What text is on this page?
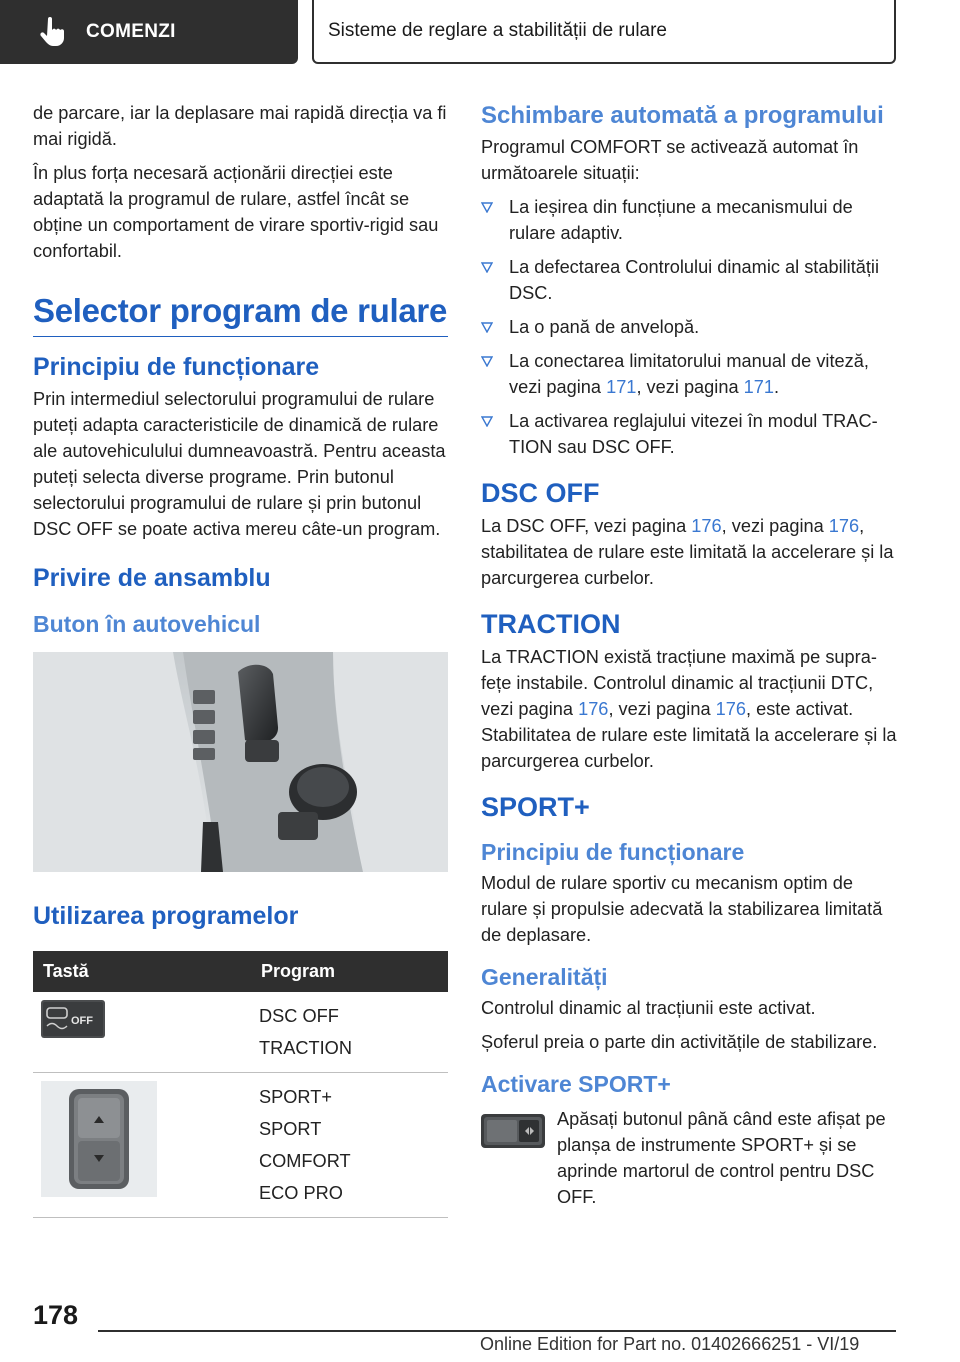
COMENZI	Sisteme de reglare a stabilității de rulare

de parcare, iar la deplasare mai rapidă direcția va fi mai rigidă.

În plus forța necesară acționării direcției este adaptată la programul de rulare, astfel încât se obține un comportament de virare sportiv-rigid sau confortabil.

Selector program de rulare
Principiu de funcționare

Prin intermediul selectorului programului de rulare puteți adapta caracteristicile de dinamică de rulare ale autovehiculului dumneavoastră. Pentru aceasta puteți selecta diverse programe. Prin butonul selectorului programului de rulare și prin butonul DSC OFF se poate activa mereu câte-un program.

Privire de ansamblu
Buton în autovehicul
Utilizarea programelor
Tastă	Program

OFF	DSC OFF
TRACTION

SPORT+
SPORT
COMFORT
ECO PRO
Schimbare automată a programului

Programul COMFORT se activează automat în următoarele situații:

La ieșirea din funcțiune a mecanismului de rulare adaptiv.
La defectarea Controlului dinamic al stabilității DSC.
La o pană de anvelopă.
La conectarea limitatorului manual de viteză, vezi pagina 171, vezi pagina 171.
La activarea reglajului vitezei în modul TRACTION sau DSC OFF.
DSC OFF

La DSC OFF, vezi pagina 176, vezi pagina 176, stabilitatea de rulare este limitată la accelerare și la parcurgerea curbelor.

TRACTION

La TRACTION există tracțiune maximă pe suprafețe instabile. Controlul dinamic al tracțiunii DTC, vezi pagina 176, vezi pagina 176, este activat. Stabilitatea de rulare este limitată la accelerare și la parcurgerea curbelor.

SPORT+
Principiu de funcționare

Modul de rulare sportiv cu mecanism optim de rulare și propulsie adecvată la stabilizarea limitată de deplasare.

Generalități

Controlul dinamic al tracțiunii este activat.

Șoferul preia o parte din activitățile de stabilizare.

Activare SPORT+
Apăsați butonul până când este afișat pe planșa de instrumente SPORT+ și se aprinde martorul de control pentru DSC OFF.
178
Online Edition for Part no. 01402666251 - VI/19
